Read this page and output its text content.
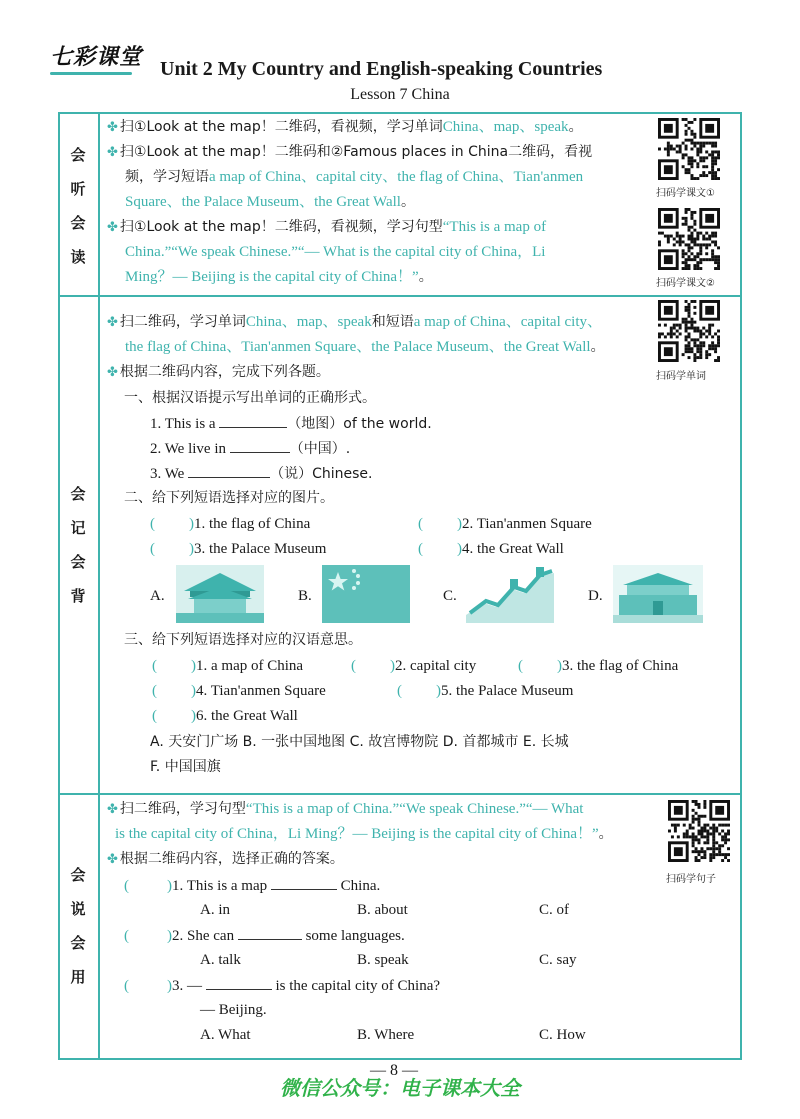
七彩课堂 Unit 2 My Country and English-speaking Countries
Lesson 7 China
会
听
会
读
会
记
会
背
会
说
会
用
✤ 扫①Look at the map！二维码，看视频，学习单词China、map、speak。
✤ 扫①Look at the map！二维码和②Famous places in China二维码，看视
频，学习短语a map of China、capital city、the flag of China、Tian'anmen
Square、the Palace Museum、the Great Wall。
✤ 扫①Look at the map！二维码，看视频，学习句型“This is a map of
China.”“We speak Chinese.”“— What is the capital city of China，Li
Ming？— Beijing is the capital city of China！”。
扫码学课文①
扫码学课文②
✤ 扫二维码，学习单词China、map、speak和短语a map of China、capital city、
the flag of China、Tian'anmen Square、the Palace Museum、the Great Wall。
✤ 根据二维码内容，完成下列各题。	扫码学单词
一、根据汉语提示写出单词的正确形式。
1. This is a	（地图）of the world.
2. We live in	（中国）.
3. We	（说）Chinese.
二、给下列短语选择对应的图片。
( )1. the flag of China	( )2. Tian'anmen Square
( )3. the Palace Museum	( )4. the Great Wall
A.	B.	C.	D.
三、给下列短语选择对应的汉语意思。
( )1. a map of China	( )2. capital city	( )3. the flag of China
( )4. Tian'anmen Square	( )5. the Palace Museum
( )6. the Great Wall
A. 天安门广场 B. 一张中国地图 C. 故宫博物院 D. 首都城市 E. 长城
F. 中国国旗
✤ 扫二维码，学习句型“This is a map of China.”“We speak Chinese.”“— What
is the capital city of China，Li Ming？— Beijing is the capital city of China！”。
✤ 根据二维码内容，选择正确的答案。
扫码学句子
(	)1. This is a map	China.
A. in	B. about	C. of
(	)2. She can	some languages.
A. talk	B. speak	C. say
(	)3. —	is the capital city of China?
— Beijing.
A. What	B. Where	C. How
— 8 —
微信公众号：电子课本大全
